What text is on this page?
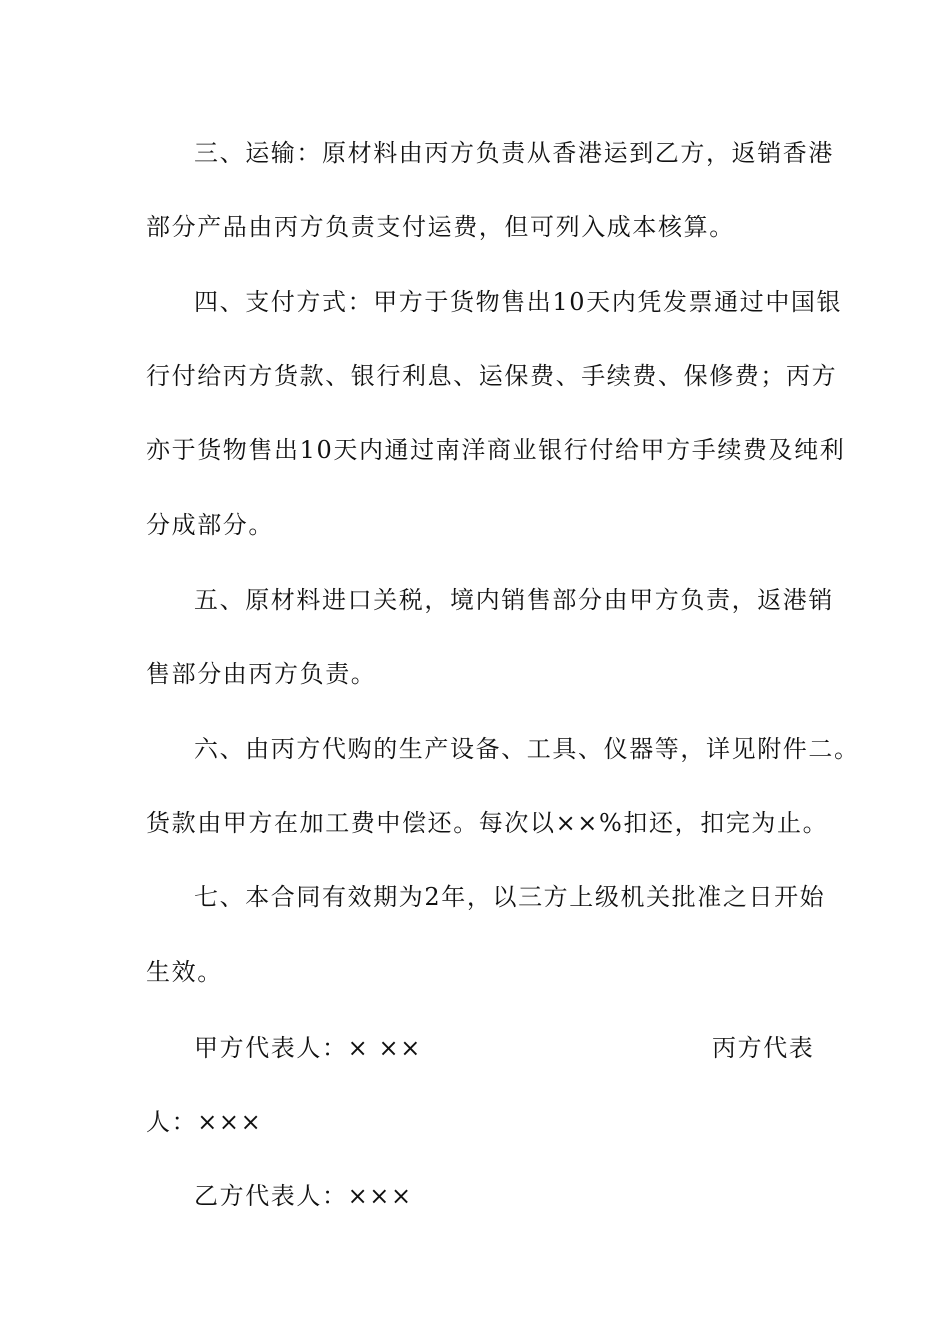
三、运输：原材料由丙方负责从香港运到乙方，返销香港
部分产品由丙方负责支付运费，但可列入成本核算。
四、支付方式：甲方于货物售出10天内凭发票通过中国银
行付给丙方货款、银行利息、运保费、手续费、保修费；丙方
亦于货物售出10天内通过南洋商业银行付给甲方手续费及纯利
分成部分。
五、原材料进口关税，境内销售部分由甲方负责，返港销
售部分由丙方负责。
六、由丙方代购的生产设备、工具、仪器等，详见附件二。
货款由甲方在加工费中偿还。每次以××%扣还，扣完为止。
七、本合同有效期为2年，以三方上级机关批准之日开始
生效。
甲方代表人：× ××	丙方代表
人：×××
乙方代表人：×××
